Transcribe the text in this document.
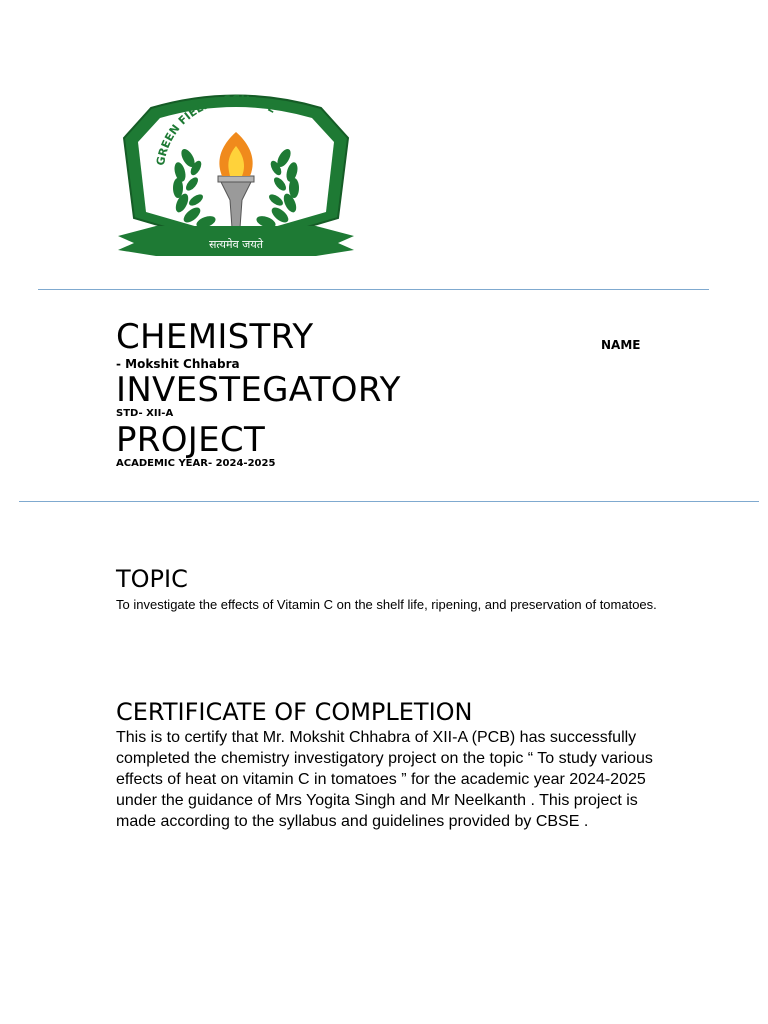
GREEN FIELDS SCHOOL
सत्यमेव जयते
CHEMISTRY
- Mokshit Chhabra
INVESTEGATORY
STD- XII-A
PROJECT
ACADEMIC YEAR- 2024-2025
NAME
TOPIC
To investigate the effects of Vitamin C on the shelf life, ripening, and preservation of tomatoes.
CERTIFICATE OF COMPLETION
This is to certify that Mr. Mokshit Chhabra of XII-A (PCB) has successfully completed the chemistry investigatory project on the topic “ To study various effects of heat on vitamin C in tomatoes ” for the academic year 2024-2025 under the guidance of Mrs Yogita Singh and Mr Neelkanth . This project is made according to the syllabus and guidelines provided by CBSE .
